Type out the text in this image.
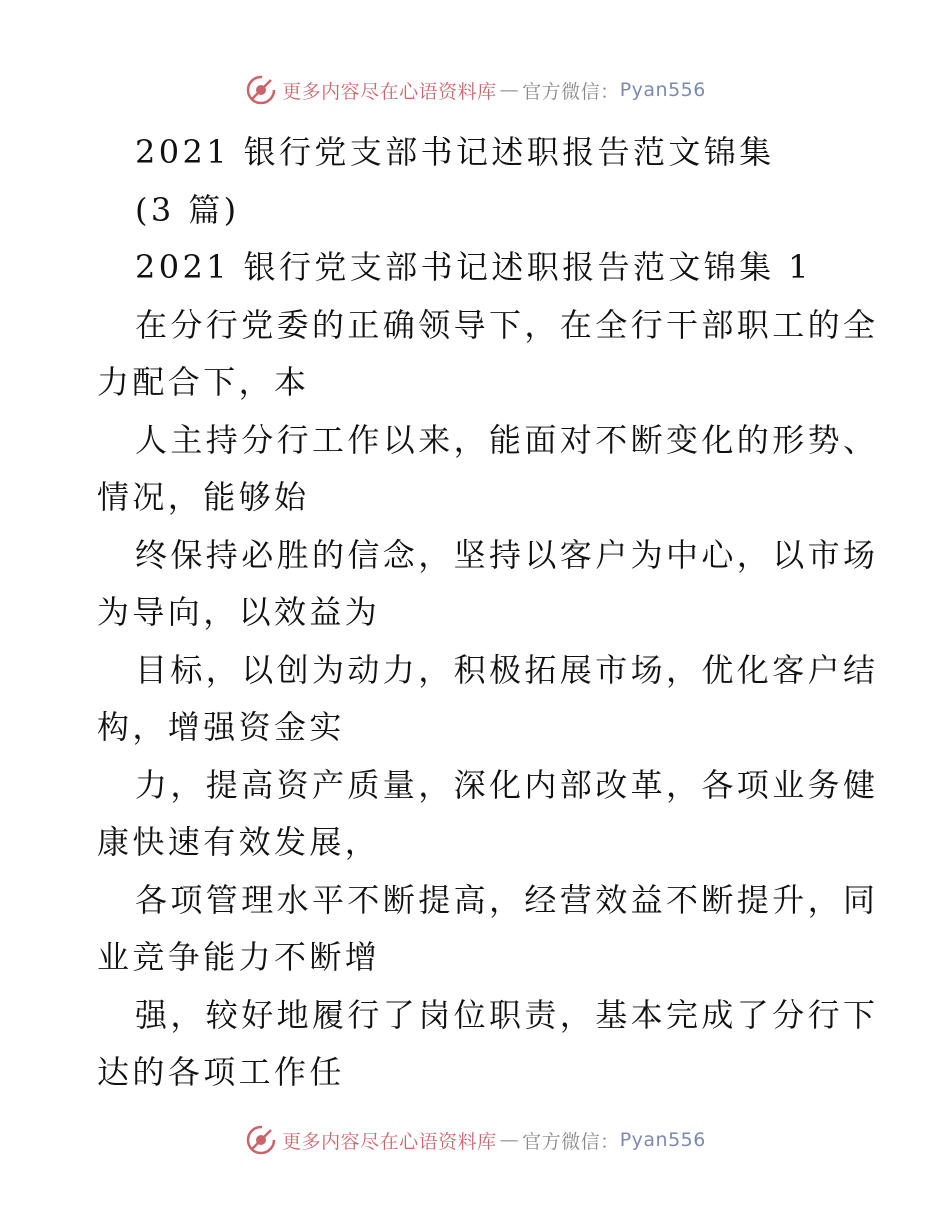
更多内容尽在心语资料库 — 官方微信： Pyan556
2021 银行党支部书记述职报告范文锦集
(3 篇)
2021 银行党支部书记述职报告范文锦集 1
在分行党委的正确领导下，在全行干部职工的全
力配合下，本
人主持分行工作以来，能面对不断变化的形势、
情况，能够始
终保持必胜的信念，坚持以客户为中心，以市场
为导向，以效益为
目标，以创为动力，积极拓展市场，优化客户结
构，增强资金实
力，提高资产质量，深化内部改革，各项业务健
康快速有效发展，
各项管理水平不断提高，经营效益不断提升，同
业竞争能力不断增
强，较好地履行了岗位职责，基本完成了分行下
达的各项工作任
更多内容尽在心语资料库 — 官方微信： Pyan556
